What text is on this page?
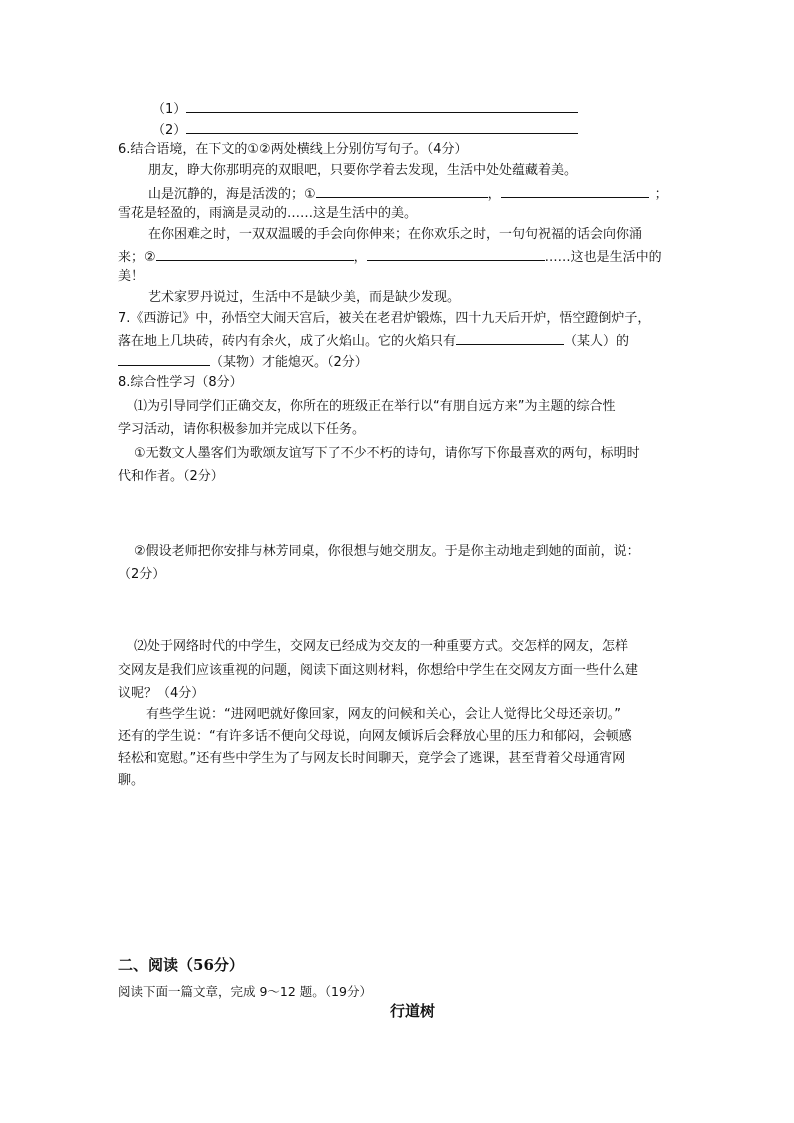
（1）
（2）
6.结合语境，在下文的①②两处横线上分别仿写句子。（4分）
朋友，睁大你那明亮的双眼吧，只要你学着去发现，生活中处处蕴藏着美。
山是沉静的，海是活泼的；①	，	；
雪花是轻盈的，雨滴是灵动的……这是生活中的美。
在你困难之时，一双双温暖的手会向你伸来；在你欢乐之时，一句句祝福的话会向你涌
来；②	，	……这也是生活中的
美！
艺术家罗丹说过，生活中不是缺少美，而是缺少发现。
7.《西游记》中，孙悟空大闹天宫后，被关在老君炉锻炼，四十九天后开炉，悟空蹬倒炉子，
落在地上几块砖，砖内有余火，成了火焰山。它的火焰只有	（某人）的
（某物）才能熄灭。（2分）
8.综合性学习（8分）
⑴为引导同学们正确交友，你所在的班级正在举行以“有朋自远方来”为主题的综合性
学习活动，请你积极参加并完成以下任务。
①无数文人墨客们为歌颂友谊写下了不少不朽的诗句，请你写下你最喜欢的两句，标明时
代和作者。（2分）
②假设老师把你安排与林芳同桌，你很想与她交朋友。于是你主动地走到她的面前，说：
（2分）
⑵处于网络时代的中学生，交网友已经成为交友的一种重要方式。交怎样的网友，怎样
交网友是我们应该重视的问题，阅读下面这则材料，你想给中学生在交网友方面一些什么建
议呢？（4分）
有些学生说：“进网吧就好像回家，网友的问候和关心，会让人觉得比父母还亲切。”
还有的学生说：“有许多话不便向父母说，向网友倾诉后会释放心里的压力和郁闷，会顿感
轻松和宽慰。”还有些中学生为了与网友长时间聊天，竟学会了逃课，甚至背着父母通宵网
聊。
二、阅读（56分）
阅读下面一篇文章，完成 9～12 题。（19分）
行道树
